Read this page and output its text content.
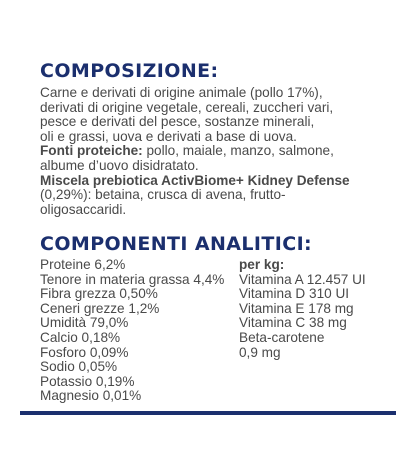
COMPOSIZIONE:
Carne e derivati di origine animale (pollo 17%),
derivati di origine vegetale, cereali, zuccheri vari,
pesce e derivati del pesce, sostanze minerali,
oli e grassi, uova e derivati a base di uova.
Fonti proteiche: pollo, maiale, manzo, salmone,
albume d’uovo disidratato.
Miscela prebiotica ActivBiome+ Kidney Defense
(0,29%): betaina, crusca di avena, frutto-
oligosaccaridi.
COMPONENTI ANALITICI:
Proteine 6,2%
Tenore in materia grassa 4,4%
Fibra grezza 0,50%
Ceneri grezze 1,2%
Umidità 79,0%
Calcio 0,18%
Fosforo 0,09%
Sodio 0,05%
Potassio 0,19%
Magnesio 0,01%
per kg:
Vitamina A 12.457 UI
Vitamina D 310 UI
Vitamina E 178 mg
Vitamina C 38 mg
Beta-carotene
0,9 mg
